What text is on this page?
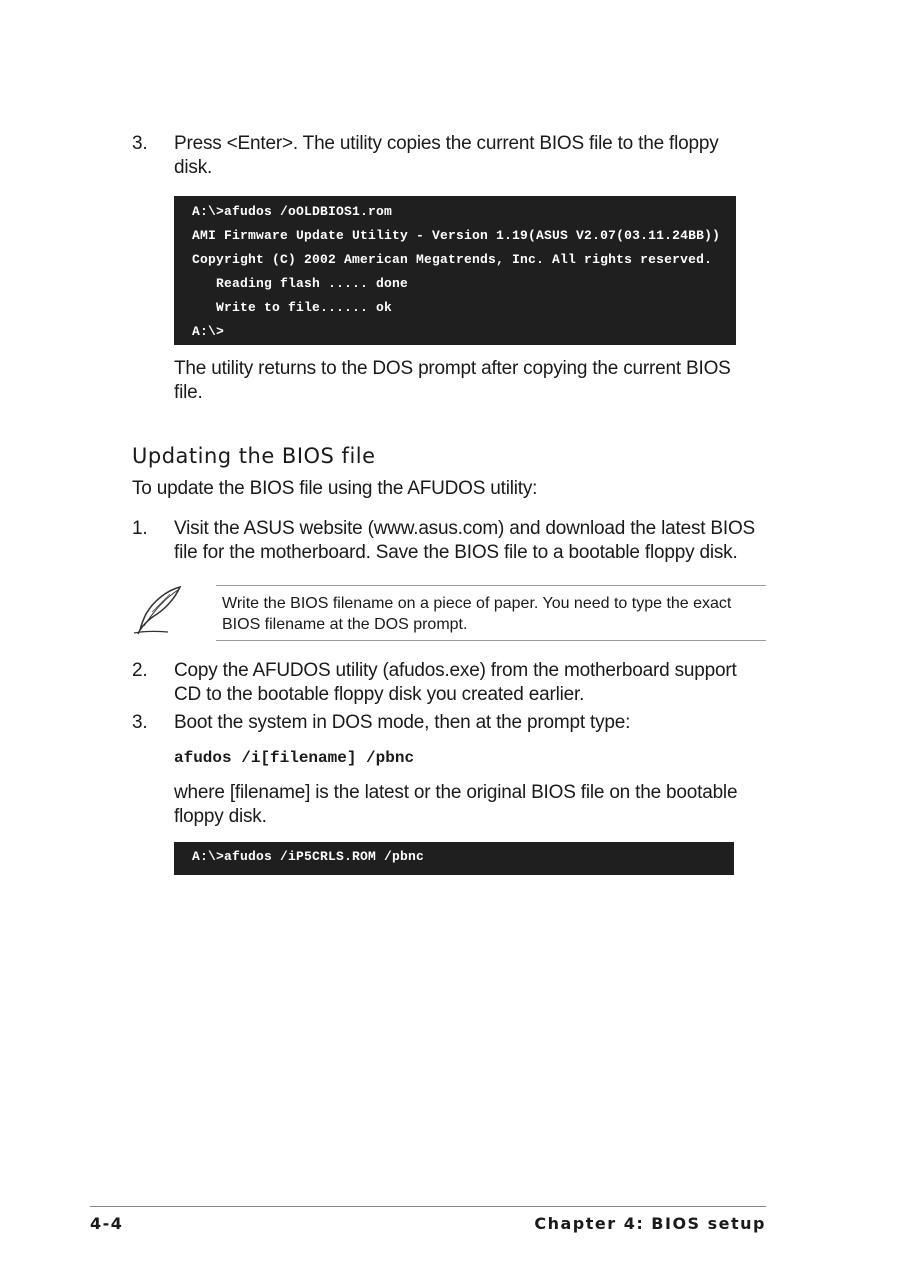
3. Press <Enter>. The utility copies the current BIOS file to the floppy
disk.
A:\>afudos /oOLDBIOS1.rom
AMI Firmware Update Utility - Version 1.19(ASUS V2.07(03.11.24BB))
Copyright (C) 2002 American Megatrends, Inc. All rights reserved.
Reading flash ..... done
Write to file...... ok
A:\>
The utility returns to the DOS prompt after copying the current BIOS
file.
Updating the BIOS file
To update the BIOS file using the AFUDOS utility:
1. Visit the ASUS website (www.asus.com) and download the latest BIOS
file for the motherboard. Save the BIOS file to a bootable floppy disk.
Write the BIOS filename on a piece of paper. You need to type the exact
BIOS filename at the DOS prompt.
2. Copy the AFUDOS utility (afudos.exe) from the motherboard support
CD to the bootable floppy disk you created earlier.
3. Boot the system in DOS mode, then at the prompt type:
afudos /i[filename] /pbnc
where [filename] is the latest or the original BIOS file on the bootable
floppy disk.
A:\>afudos /iP5CRLS.ROM /pbnc
4-4	Chapter 4: BIOS setup
